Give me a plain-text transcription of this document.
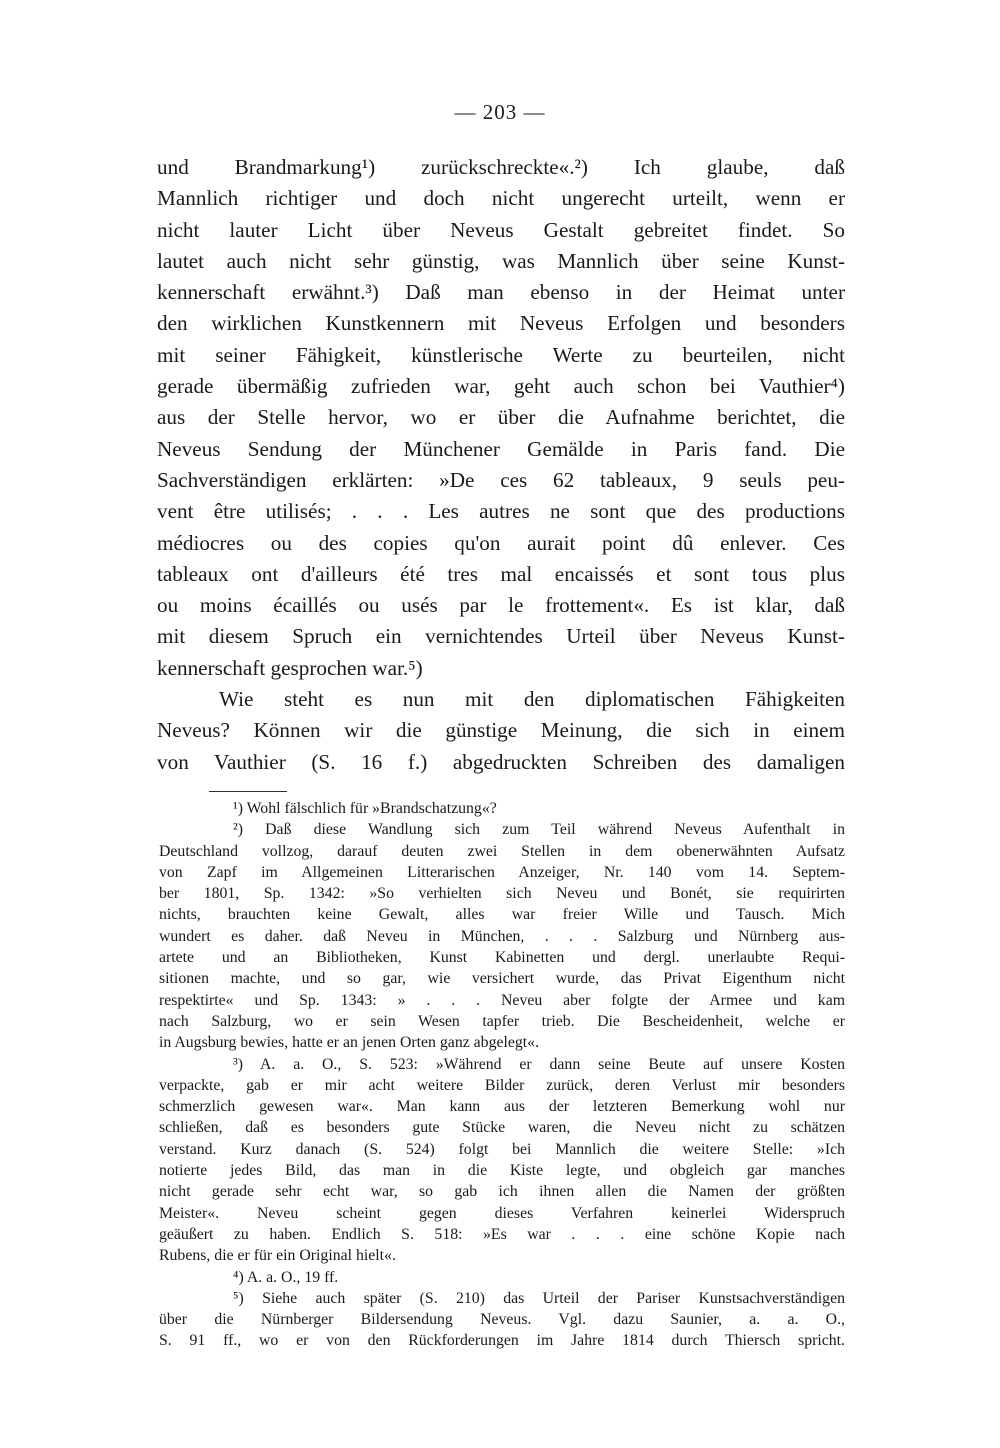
— 203 —
und Brandmarkung¹) zurückschreckte«.²) Ich glaube, daß
Mannlich richtiger und doch nicht ungerecht urteilt, wenn er
nicht lauter Licht über Neveus Gestalt gebreitet findet. So
lautet auch nicht sehr günstig, was Mannlich über seine Kunst-
kennerschaft erwähnt.³) Daß man ebenso in der Heimat unter
den wirklichen Kunstkennern mit Neveus Erfolgen und besonders
mit seiner Fähigkeit, künstlerische Werte zu beurteilen, nicht
gerade übermäßig zufrieden war, geht auch schon bei Vauthier⁴)
aus der Stelle hervor, wo er über die Aufnahme berichtet, die
Neveus Sendung der Münchener Gemälde in Paris fand. Die
Sachverständigen erklärten: »De ces 62 tableaux, 9 seuls peu-
vent être utilisés; . . . Les autres ne sont que des productions
médiocres ou des copies qu'on aurait point dû enlever. Ces
tableaux ont d'ailleurs été tres mal encaissés et sont tous plus
ou moins écaillés ou usés par le frottement«. Es ist klar, daß
mit diesem Spruch ein vernichtendes Urteil über Neveus Kunst-
kennerschaft gesprochen war.⁵)
Wie steht es nun mit den diplomatischen Fähigkeiten
Neveus? Können wir die günstige Meinung, die sich in einem
von Vauthier (S. 16 f.) abgedruckten Schreiben des damaligen
¹) Wohl fälschlich für »Brandschatzung«?
²) Daß diese Wandlung sich zum Teil während Neveus Aufenthalt in
Deutschland vollzog, darauf deuten zwei Stellen in dem obenerwähnten Aufsatz
von Zapf im Allgemeinen Litterarischen Anzeiger, Nr. 140 vom 14. Septem-
ber 1801, Sp. 1342: »So verhielten sich Neveu und Bonét, sie requirirten
nichts, brauchten keine Gewalt, alles war freier Wille und Tausch. Mich
wundert es daher. daß Neveu in München, . . . Salzburg und Nürnberg aus-
artete und an Bibliotheken, Kunst Kabinetten und dergl. unerlaubte Requi-
sitionen machte, und so gar, wie versichert wurde, das Privat Eigenthum nicht
respektirte« und Sp. 1343: » . . . Neveu aber folgte der Armee und kam
nach Salzburg, wo er sein Wesen tapfer trieb. Die Bescheidenheit, welche er
in Augsburg bewies, hatte er an jenen Orten ganz abgelegt«.
³) A. a. O., S. 523: »Während er dann seine Beute auf unsere Kosten
verpackte, gab er mir acht weitere Bilder zurück, deren Verlust mir besonders
schmerzlich gewesen war«. Man kann aus der letzteren Bemerkung wohl nur
schließen, daß es besonders gute Stücke waren, die Neveu nicht zu schätzen
verstand. Kurz danach (S. 524) folgt bei Mannlich die weitere Stelle: »Ich
notierte jedes Bild, das man in die Kiste legte, und obgleich gar manches
nicht gerade sehr echt war, so gab ich ihnen allen die Namen der größten
Meister«. Neveu scheint gegen dieses Verfahren keinerlei Widerspruch
geäußert zu haben. Endlich S. 518: »Es war . . . eine schöne Kopie nach
Rubens, die er für ein Original hielt«.
⁴) A. a. O., 19 ff.
⁵) Siehe auch später (S. 210) das Urteil der Pariser Kunstsachverständigen
über die Nürnberger Bildersendung Neveus. Vgl. dazu Saunier, a. a. O.,
S. 91 ff., wo er von den Rückforderungen im Jahre 1814 durch Thiersch spricht.
